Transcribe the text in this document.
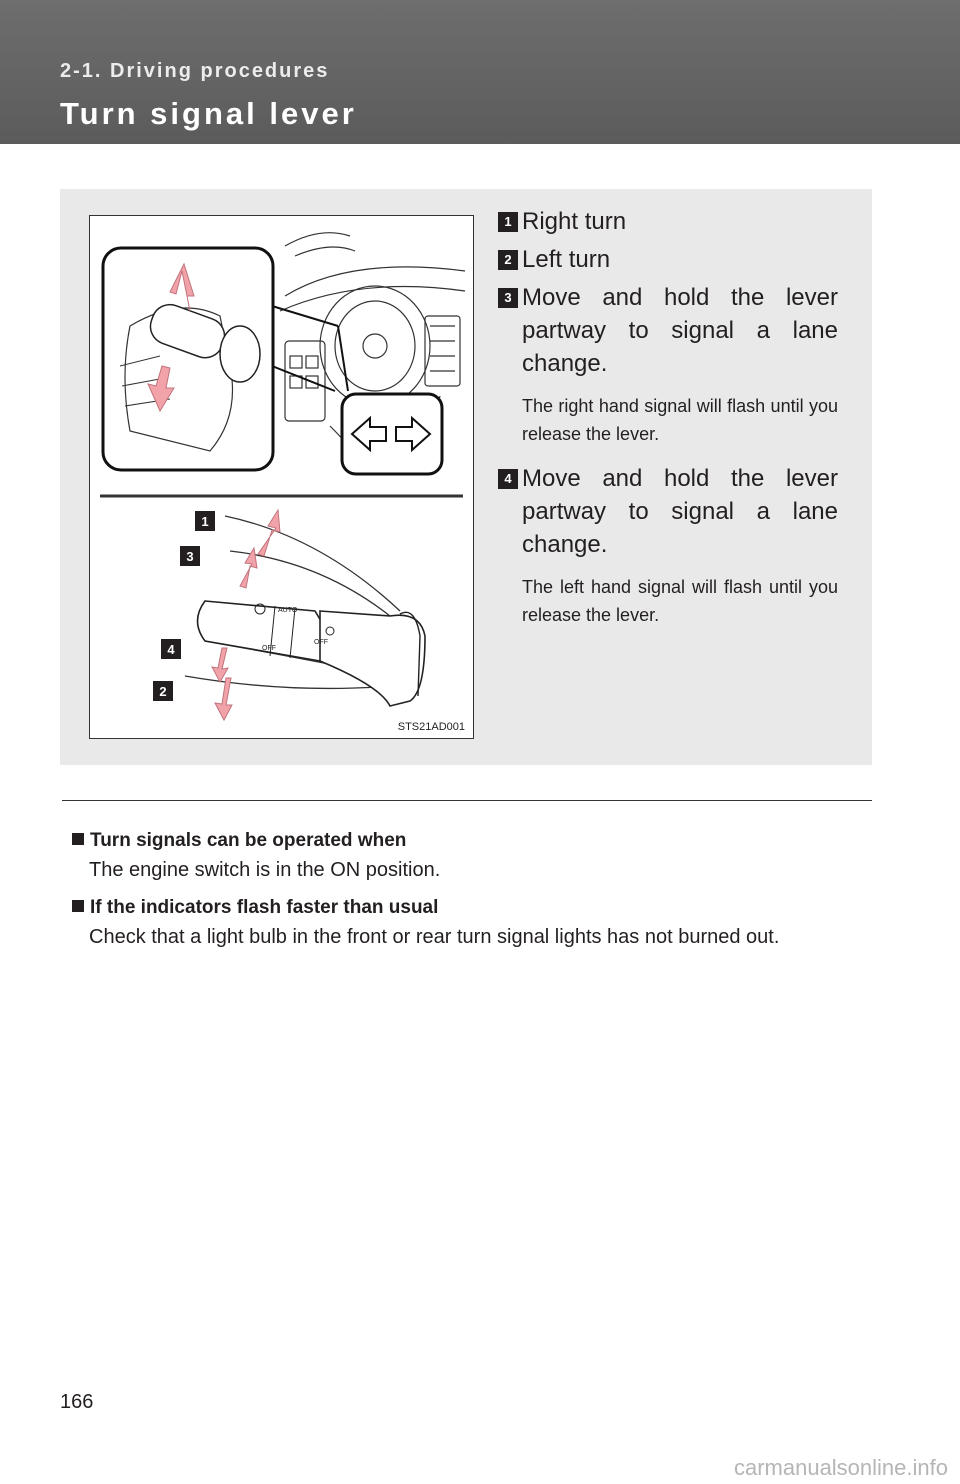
2-1. Driving procedures
Turn signal lever
AUTO
OFF
OFF
1
3
4
2
STS21AD001
1 Right turn
2 Left turn
3 Move and hold the lever partway to signal a lane change.
The right hand signal will flash until you release the lever.
4 Move and hold the lever partway to signal a lane change.
The left hand signal will flash until you release the lever.
Turn signals can be operated when
The engine switch is in the ON position.
If the indicators flash faster than usual
Check that a light bulb in the front or rear turn signal lights has not burned out.
166
carmanualsonline.info
